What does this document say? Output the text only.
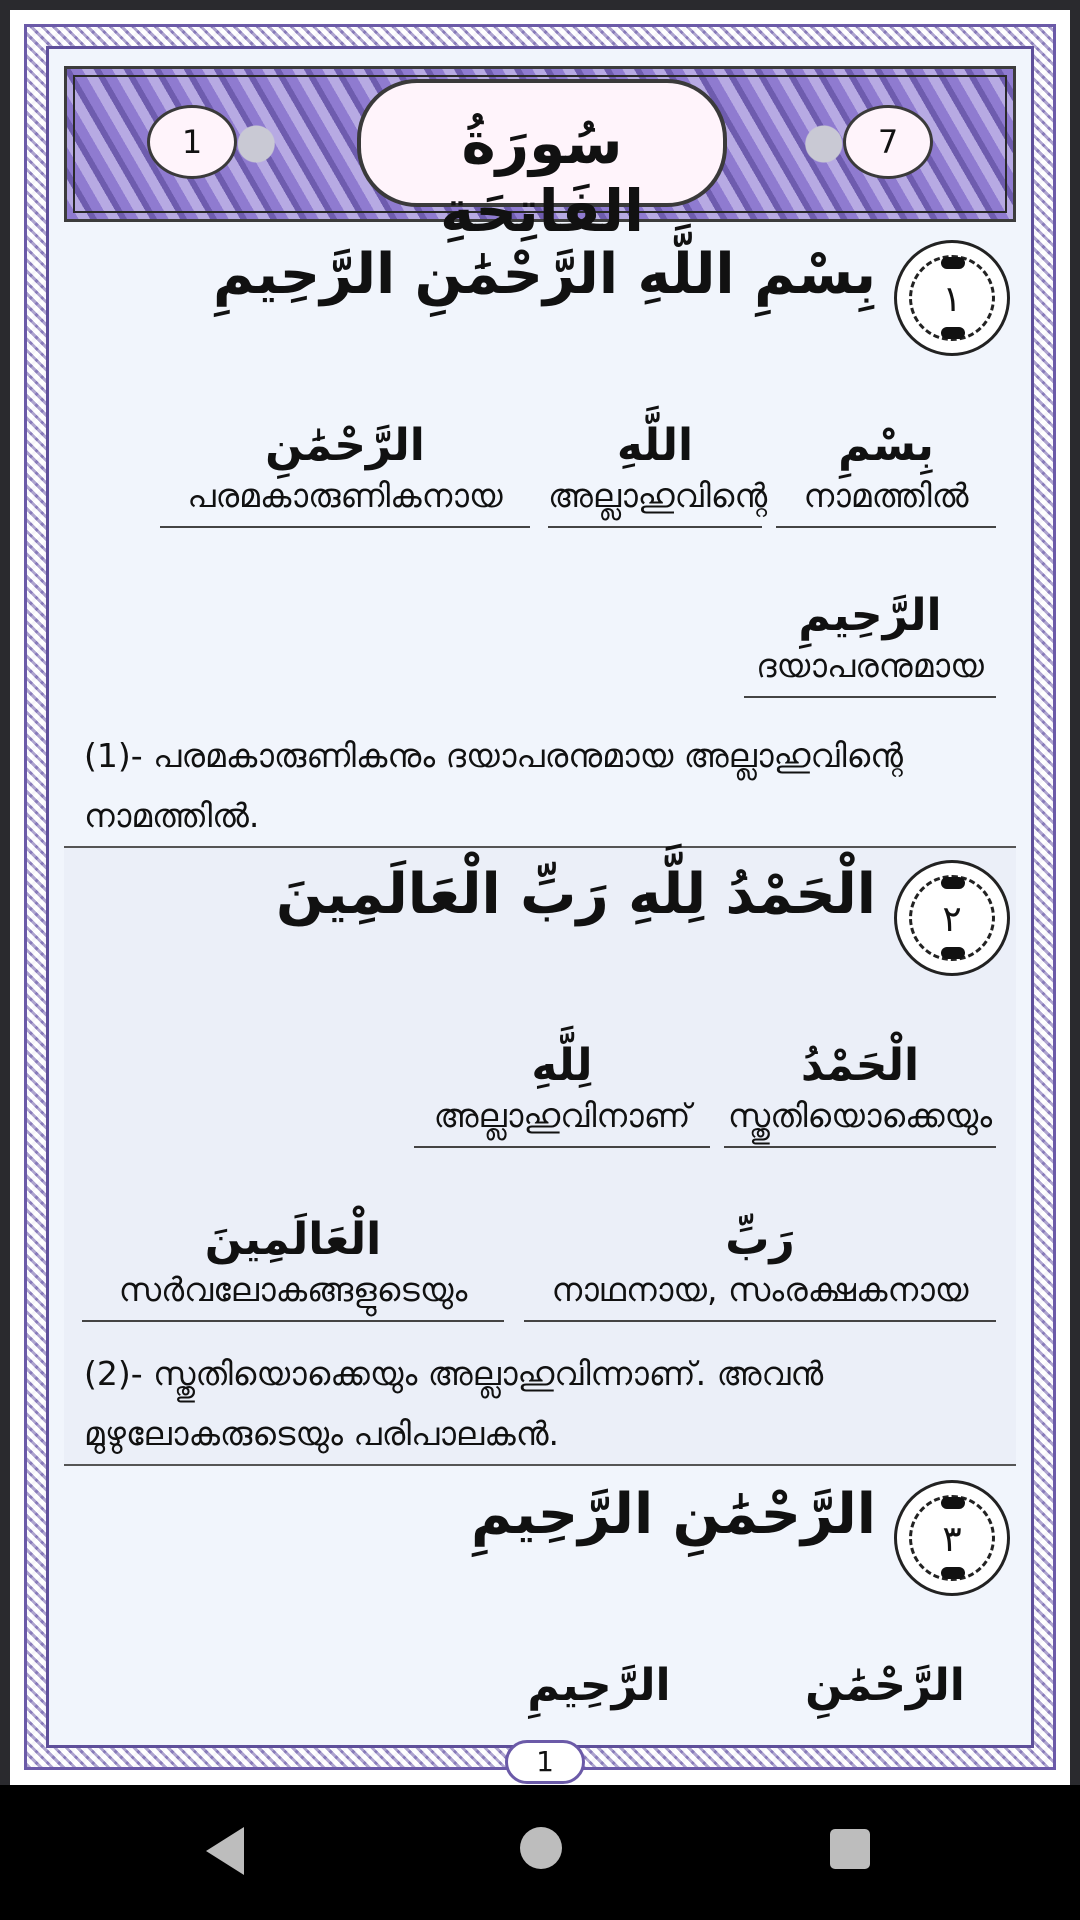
1	سُورَةُ الفَاتِحَةِ
7
بِسْمِ اللَّهِ الرَّحْمَٰنِ الرَّحِيمِ	١
بِسْمِ
നാമത്തിൽ
اللَّهِ
അല്ലാഹുവിന്റെ
الرَّحْمَٰنِ
പരമകാരുണികനായ
الرَّحِيمِ
ദയാപരനുമായ
(1)- പരമകാരുണികനും ദയാപരനുമായ അല്ലാഹുവിന്റെ നാമത്തിൽ.
الْحَمْدُ لِلَّهِ رَبِّ الْعَالَمِينَ	٢
الْحَمْدُ
സ്തുതിയൊക്കെയും
لِلَّهِ
അല്ലാഹുവിനാണ്
رَبِّ
നാഥനായ, സംരക്ഷകനായ
الْعَالَمِينَ
സർവലോകങ്ങളുടെയും
(2)- സ്തുതിയൊക്കെയും അല്ലാഹുവിന്നാണ്. അവൻ മുഴുലോകരുടെയും പരിപാലകൻ.
الرَّحْمَٰنِ الرَّحِيمِ	٣
الرَّحْمَٰنِ
الرَّحِيمِ
1
